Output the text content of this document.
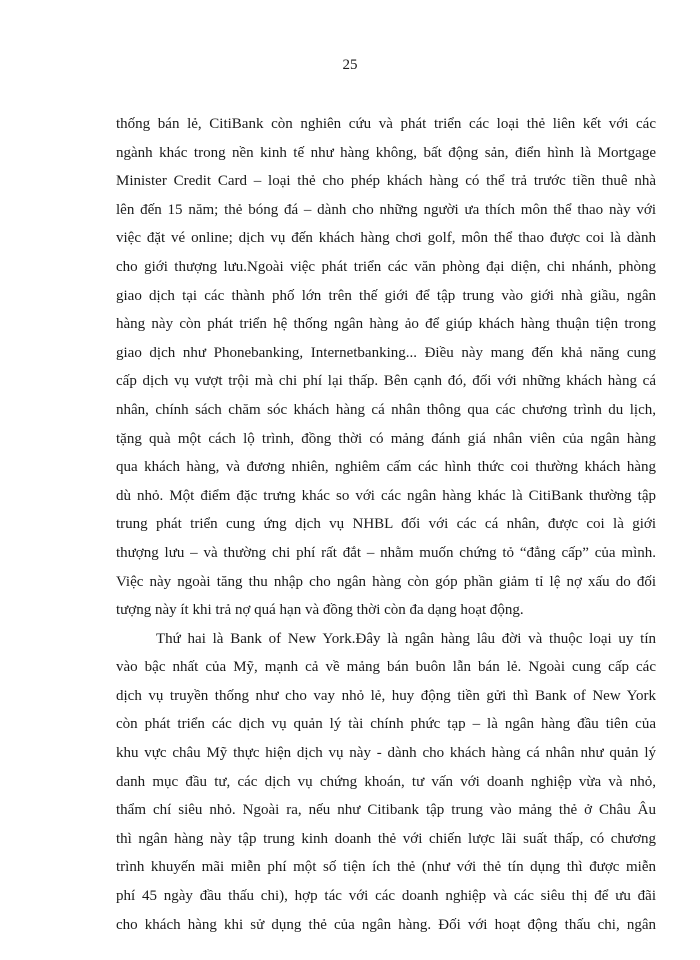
25
thống bán lẻ, CitiBank còn nghiên cứu và phát triển các loại thẻ liên kết với các
ngành khác trong nền kinh tế như hàng không, bất động sản, điển hình là Mortgage
Minister Credit Card – loại thẻ cho phép khách hàng có thể trả trước tiền thuê nhà
lên đến 15 năm; thẻ bóng đá – dành cho những người ưa thích môn thể thao này với
việc đặt vé online; dịch vụ đến khách hàng chơi golf, môn thể thao được coi là dành
cho giới thượng lưu.Ngoài việc phát triển các văn phòng đại diện, chi nhánh, phòng
giao dịch tại các thành phố lớn trên thế giới để tập trung vào giới nhà giầu, ngân
hàng này còn phát triển hệ thống ngân hàng ảo để giúp khách hàng thuận tiện trong
giao dịch như Phonebanking, Internetbanking... Điều này mang đến khả năng cung
cấp dịch vụ vượt trội mà chi phí lại thấp. Bên cạnh đó, đối với những khách hàng cá
nhân, chính sách chăm sóc khách hàng cá nhân thông qua các chương trình du lịch,
tặng quà một cách lộ trình, đồng thời có mảng đánh giá nhân viên của ngân hàng
qua khách hàng, và đương nhiên, nghiêm cấm các hình thức coi thường khách hàng
dù nhỏ. Một điểm đặc trưng khác so với các ngân hàng khác là CitiBank thường tập
trung phát triển cung ứng dịch vụ NHBL đối với các cá nhân, được coi là giới
thượng lưu – và thường chi phí rất đắt – nhằm muốn chứng tỏ “đẳng cấp” của mình.
Việc này ngoài tăng thu nhập cho ngân hàng còn góp phần giảm tỉ lệ nợ xấu do đối
tượng này ít khi trả nợ quá hạn và đồng thời còn đa dạng hoạt động.
Thứ hai là Bank of New York.Đây là ngân hàng lâu đời và thuộc loại uy tín
vào bậc nhất của Mỹ, mạnh cả về mảng bán buôn lẫn bán lẻ. Ngoài cung cấp các
dịch vụ truyền thống như cho vay nhỏ lẻ, huy động tiền gửi thì Bank of New York
còn phát triển các dịch vụ quản lý tài chính phức tạp – là ngân hàng đầu tiên của
khu vực châu Mỹ thực hiện dịch vụ này - dành cho khách hàng cá nhân như quản lý
danh mục đầu tư, các dịch vụ chứng khoán, tư vấn với doanh nghiệp vừa và nhỏ,
thẩm chí siêu nhỏ. Ngoài ra, nếu như Citibank tập trung vào mảng thẻ ở Châu Âu
thì ngân hàng này tập trung kinh doanh thẻ với chiến lược lãi suất thấp, có chương
trình khuyến mãi miễn phí một số tiện ích thẻ (như với thẻ tín dụng thì được miễn
phí 45 ngày đầu thấu chi), hợp tác với các doanh nghiệp và các siêu thị để ưu đãi
cho khách hàng khi sử dụng thẻ của ngân hàng. Đối với hoạt động thấu chi, ngân
